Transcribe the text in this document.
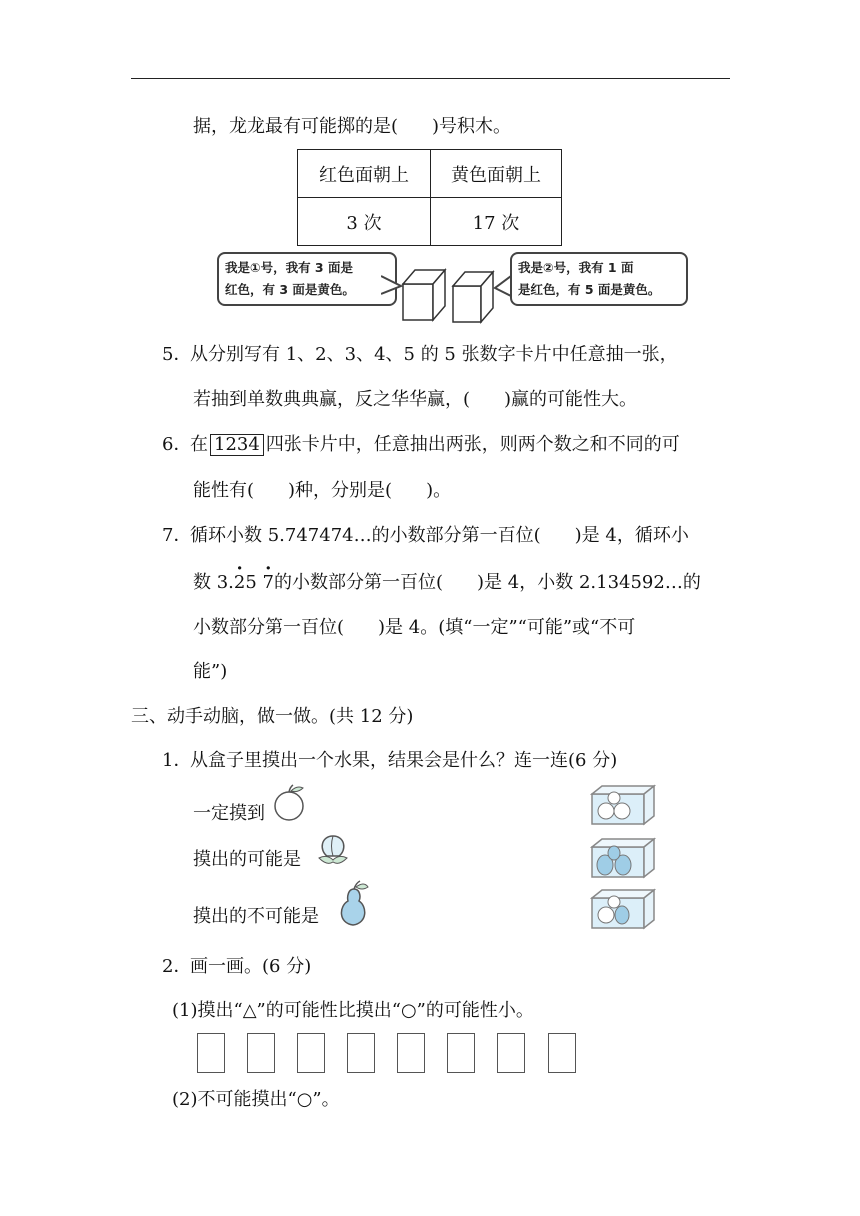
据，龙龙最有可能掷的是( )号积木。
红色面朝上	黄色面朝上
3 次	17 次
我是①号，我有 3 面是
红色，有 3 面是黄色。
我是②号，我有 1 面
是红色，有 5 面是黄色。
5．从分别写有 1、2、3、4、5 的 5 张数字卡片中任意抽一张，
若抽到单数典典赢，反之华华赢，( )赢的可能性大。
6．在 1234 四张卡片中，任意抽出两张，则两个数之和不同的可
能性有( )种，分别是( )。
7．循环小数 5.747474…的小数部分第一百位( )是 4，循环小
数 3.· 25 · 7的小数部分第一百位( )是 4，小数 2.134592…的
小数部分第一百位( )是 4。(填“一定”“可能”或“不可
能”)
三、动手动脑，做一做。(共 12 分)
1．从盒子里摸出一个水果，结果会是什么？连一连(6 分)
一定摸到
摸出的可能是
摸出的不可能是
2．画一画。(6 分)
(1)摸出“△”的可能性比摸出“○”的可能性小。
(2)不可能摸出“○”。
